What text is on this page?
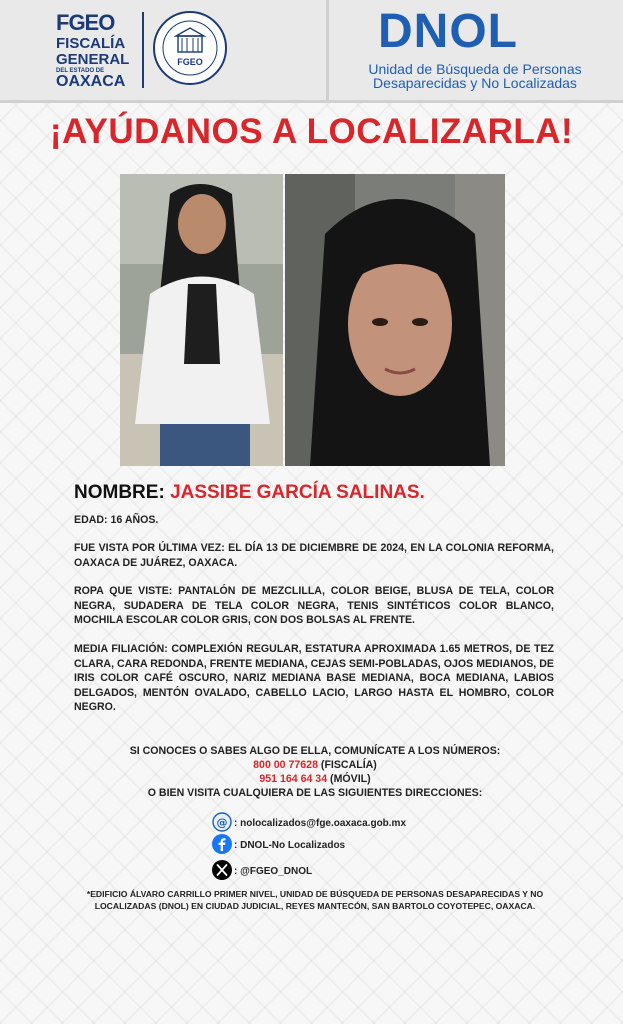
FGEO
FISCALÍA
GENERAL
DEL ESTADO DE
OAXACA
FGEO
DNOL
Unidad de Búsqueda de Personas
Desaparecidas y No Localizadas
¡AYÚDANOS A LOCALIZARLA!
NOMBRE: JASSIBE GARCÍA SALINAS.
EDAD: 16 AÑOS.
FUE VISTA POR ÚLTIMA VEZ: EL DÍA 13 DE DICIEMBRE DE 2024, EN LA COLONIA REFORMA, OAXACA DE JUÁREZ, OAXACA.
ROPA QUE VISTE: PANTALÓN DE MEZCLILLA, COLOR BEIGE, BLUSA DE TELA, COLOR NEGRA, SUDADERA DE TELA COLOR NEGRA, TENIS SINTÉTICOS COLOR BLANCO, MOCHILA ESCOLAR COLOR GRIS, CON DOS BOLSAS AL FRENTE.
MEDIA FILIACIÓN: COMPLEXIÓN REGULAR, ESTATURA APROXIMADA 1.65 METROS, DE TEZ CLARA, CARA REDONDA, FRENTE MEDIANA, CEJAS SEMI-POBLADAS, OJOS MEDIANOS, DE IRIS COLOR CAFÉ OSCURO, NARIZ MEDIANA BASE MEDIANA, BOCA MEDIANA, LABIOS DELGADOS, MENTÓN OVALADO, CABELLO LACIO, LARGO HASTA EL HOMBRO, COLOR NEGRO.
SI CONOCES O SABES ALGO DE ELLA, COMUNÍCATE A LOS NÚMEROS:
800 00 77628 (FISCALÍA)
951 164 64 34 (MÓVIL)
O BIEN VISITA CUALQUIERA DE LAS SIGUIENTES DIRECCIONES:
@ : nolocalizados@fge.oaxaca.gob.mx
: DNOL-No Localizados
: @FGEO_DNOL
*EDIFICIO ÁLVARO CARRILLO PRIMER NIVEL, UNIDAD DE BÚSQUEDA DE PERSONAS DESAPARECIDAS Y NO LOCALIZADAS (DNOL) EN CIUDAD JUDICIAL, REYES MANTECÓN, SAN BARTOLO COYOTEPEC, OAXACA.
